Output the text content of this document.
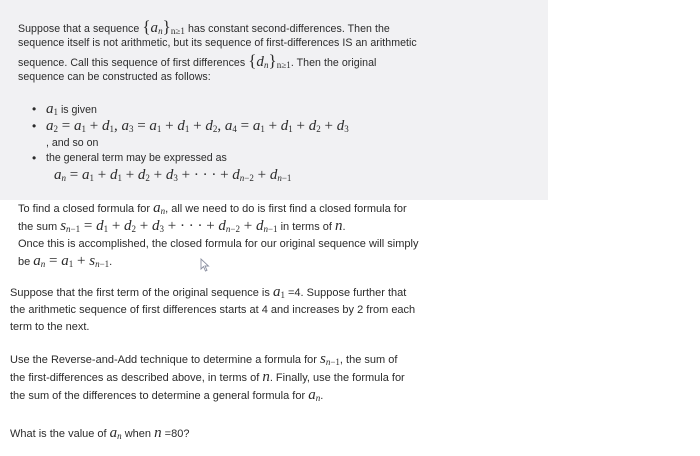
Suppose that a sequence $\{a_n\}_{n\ge 1}$ has constant second-differences. Then the
sequence itself is not arithmetic, but its sequence of first-differences IS an arithmetic
sequence. Call this sequence of first differences $\{d_n\}_{n\ge 1}$. Then the original
sequence can be constructed as follows:
• $a_1$ is given
• $a_2 = a_1 + d_1$, $a_3 = a_1 + d_1 + d_2$, $a_4 = a_1 + d_1 + d_2 + d_3$
, and so on
• the general term may be expressed as
$a_n = a_1 + d_1 + d_2 + d_3$ + · · · + $d_{n-2} + d_{n-1}$
To find a closed formula for $a_n$, all we need to do is first find a closed formula for
the sum $s_{n-1} = d_1 + d_2 + d_3$ + · · · + $d_{n-2} + d_{n-1}$ in terms of n.
Once this is accomplished, the closed formula for our original sequence will simply
be $a_n = a_1 + s_{n-1}$.
Suppose that the first term of the original sequence is $a_1 =4$. Suppose further that
the arithmetic sequence of first differences starts at 4 and increases by 2 from each
term to the next.
Use the Reverse-and-Add technique to determine a formula for $s_{n-1}$, the sum of
the first-differences as described above, in terms of n. Finally, use the formula for
the sum of the differences to determine a general formula for $a_n$.
What is the value of $a_n$ when n =80?
